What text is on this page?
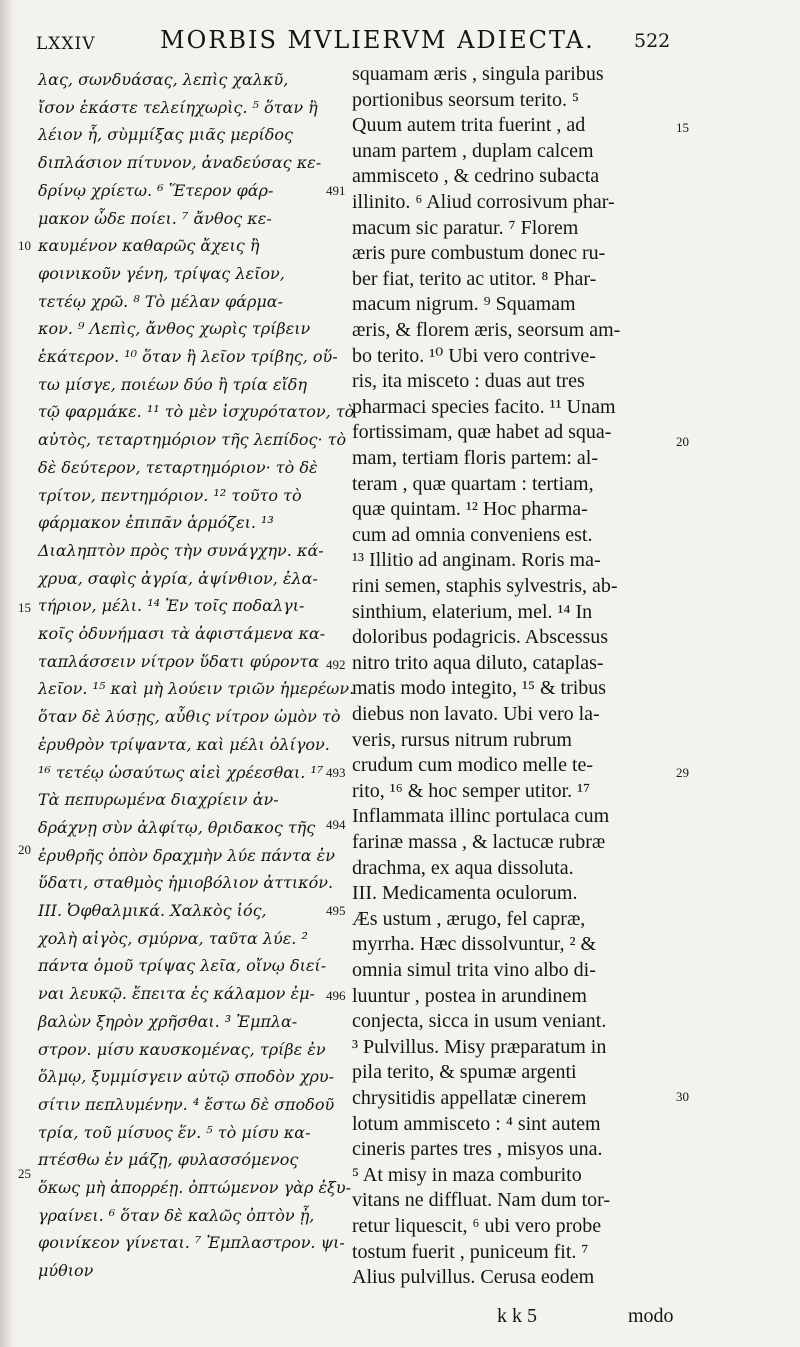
LXXIV	MORBIS MVLIERVM ADIECTA. 522
λας, σωνδυάσας, λεπὶς χαλκῦ,
ἴσον ἑκάστε τελείηχωρὶς. ⁵ ὅταν ἢ
λέιον ἧ, σὺμμίξας μιᾶς μερίδος
διπλάσιον πίτυνον, ἀναδεύσας κε-
δρίνῳ χρίετω. ⁶ Ἕτερον φάρ-
μακον ὧδε ποίει. ⁷ ἄνθος κε-
καυμένον καθαρῶς ἄχεις ἢ
φοινικοῦν γένη, τρίψας λεῖον,
τετέῳ χρῶ. ⁸ Τὸ μέλαν φάρμα-
κον. ⁹ Λεπὶς, ἄνθος χωρὶς τρίβειν
ἑκάτερον. ¹⁰ ὅταν ἢ λεῖον τρίβης, οὕ-
τω μίσγε, ποιέων δύο ἢ τρία εἴδη
τῷ φαρμάκε. ¹¹ τὸ μὲν ἰσχυρότατον, τὸ
αὐτὸς, τεταρτημόριον τῆς λεπίδος· τὸ
δὲ δεύτερον, τεταρτημόριον· τὸ δὲ
τρίτον, πεντημόριον. ¹² τοῦτο τὸ
φάρμακον ἐπιπᾶν ἁρμόζει. ¹³
Διαληπτὸν πρὸς τὴν συνάγχην. κά-
χρυα, σαφὶς ἀγρία, ἀψίνθιον, ἐλα-
τήριον, μέλι. ¹⁴ Ἐν τοῖς ποδαλγι-
κοῖς ὀδυνήμασι τὰ ἀφιστάμενα κα-
ταπλάσσειν νίτρον ὕδατι φύροντα
λεῖον. ¹⁵ καὶ μὴ λούειν τριῶν ἡμερέων.
ὅταν δὲ λύσῃς, αὖθις νίτρον ὠμὸν τὸ
ἐρυθρὸν τρίψαντα, καὶ μέλι ὀλίγον.
¹⁶ τετέῳ ὡσαύτως αἰεὶ χρέεσθαι. ¹⁷
Τὰ πεπυρωμένα διαχρίειν ἀν-
δράχνῃ σὺν ἀλφίτῳ, θριδακος τῆς
ἐρυθρῆς ὁπὸν δραχμὴν λύε πάντα ἐν
ὕδατι, σταθμὸς ἡμιοβόλιον ἀττικόν.
III. Ὀφθαλμικά. Χαλκὸς ἰός,
χολὴ αἰγὸς, σμύρνα, ταῦτα λύε. ²
πάντα ὁμοῦ τρίψας λεῖα, οἴνῳ διεί-
ναι λευκῷ. ἔπειτα ἐς κάλαμον ἐμ-
βαλὼν ξηρὸν χρῆσθαι. ³ Ἐμπλα-
στρον. μίσυ καυσκομένας, τρίβε ἐν
ὅλμῳ, ξυμμίσγειν αὐτῷ σποδὸν χρυ-
σίτιν πεπλυμένην. ⁴ ἔστω δὲ σποδοῦ
τρία, τοῦ μίσυος ἕν. ⁵ τὸ μίσυ κα-
πτέσθω ἐν μάζῃ, φυλασσόμενος
ὅκως μὴ ἀπορρέῃ. ὀπτώμενον γὰρ ἐξυ-
γραίνει. ⁶ ὅταν δὲ καλῶς ὀπτὸν ᾖ,
φοινίκεον γίνεται. ⁷ Ἐμπλαστρον. ψι-
μύθιον
squamam æris , singula paribus
portionibus seorsum terito. ⁵
Quum autem trita fuerint , ad
unam partem , duplam calcem
ammisceto , & cedrino subacta
illinito. ⁶ Aliud corrosivum phar-
macum sic paratur. ⁷ Florem
æris pure combustum donec ru-
ber fiat, terito ac utitor. ⁸ Phar-
macum nigrum. ⁹ Squamam
æris, & florem æris, seorsum am-
bo terito. ¹⁰ Ubi vero contrive-
ris, ita misceto : duas aut tres
pharmaci species facito. ¹¹ Unam
fortissimam, quæ habet ad squa-
mam, tertiam floris partem: al-
teram , quæ quartam : tertiam,
quæ quintam. ¹² Hoc pharma-
cum ad omnia conveniens est.
¹³ Illitio ad anginam. Roris ma-
rini semen, staphis sylvestris, ab-
sinthium, elaterium, mel. ¹⁴ In
doloribus podagricis. Abscessus
nitro trito aqua diluto, cataplas-
matis modo integito, ¹⁵ & tribus
diebus non lavato. Ubi vero la-
veris, rursus nitrum rubrum
crudum cum modico melle te-
rito, ¹⁶ & hoc semper utitor. ¹⁷
Inflammata illinc portulaca cum
farinæ massa , & lactucæ rubræ
drachma, ex aqua dissoluta.
III. Medicamenta oculorum.
Æs ustum , ærugo, fel capræ,
myrrha. Hæc dissolvuntur, ² &
omnia simul trita vino albo di-
luuntur , postea in arundinem
conjecta, sicca in usum veniant.
³ Pulvillus. Misy præparatum in
pila terito, & spumæ argenti
chrysitidis appellatæ cinerem
lotum ammisceto : ⁴ sint autem
cineris partes tres , misyos una.
⁵ At misy in maza comburito
vitans ne diffluat. Nam dum tor-
retur liquescit, ⁶ ubi vero probe
tostum fuerit , puniceum fit. ⁷
Alius pulvillus. Cerusa eodem
491
10
15
492
493
494
20
495
496
25
15
20
29
30
k k 5	modo
